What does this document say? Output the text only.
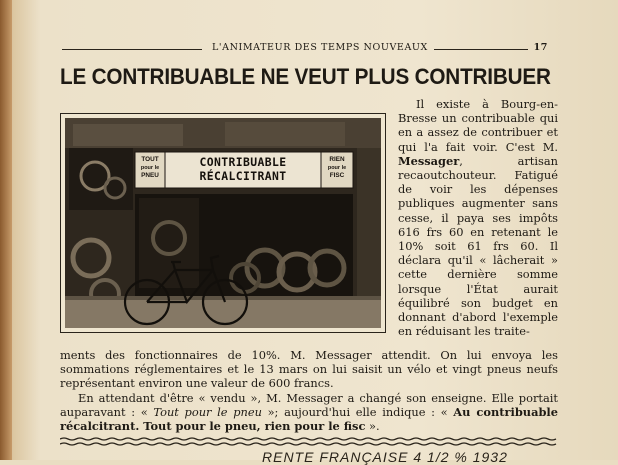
L'ANIMATEUR DES TEMPS NOUVEAUX	17
LE CONTRIBUABLE NE VEUT PLUS CONTRIBUER
TOUT
pour le
PNEU
CONTRIBUABLE
RÉCALCITRANT
RIEN
pour le
FISC

Il existe à Bourg-en-Bresse un contribuable qui en a assez de contribuer et qui l'a fait voir. C'est M. Messager, artisan recaoutchouteur. Fatigué de voir les dépenses publiques augmenter sans cesse, il paya ses impôts 616 frs 60 en retenant le 10% soit 61 frs 60. Il déclara qu'il « lâcherait » cette dernière somme lorsque l'État aurait équilibré son budget en donnant d'abord l'exemple en réduisant les traite-

ments des fonctionnaires de 10%. M. Messager attendit. On lui envoya les sommations réglementaires et le 13 mars on lui saisit un vélo et vingt pneus neufs représentant environ une valeur de 600 francs.

En attendant d'être « vendu », M. Messager a changé son enseigne. Elle portait auparavant : « Tout pour le pneu »; aujourd'hui elle indique : « Au contribuable récalcitrant. Tout pour le pneu, rien pour le fisc ».

RENTE FRANÇAISE 4 1/2 % 1932
